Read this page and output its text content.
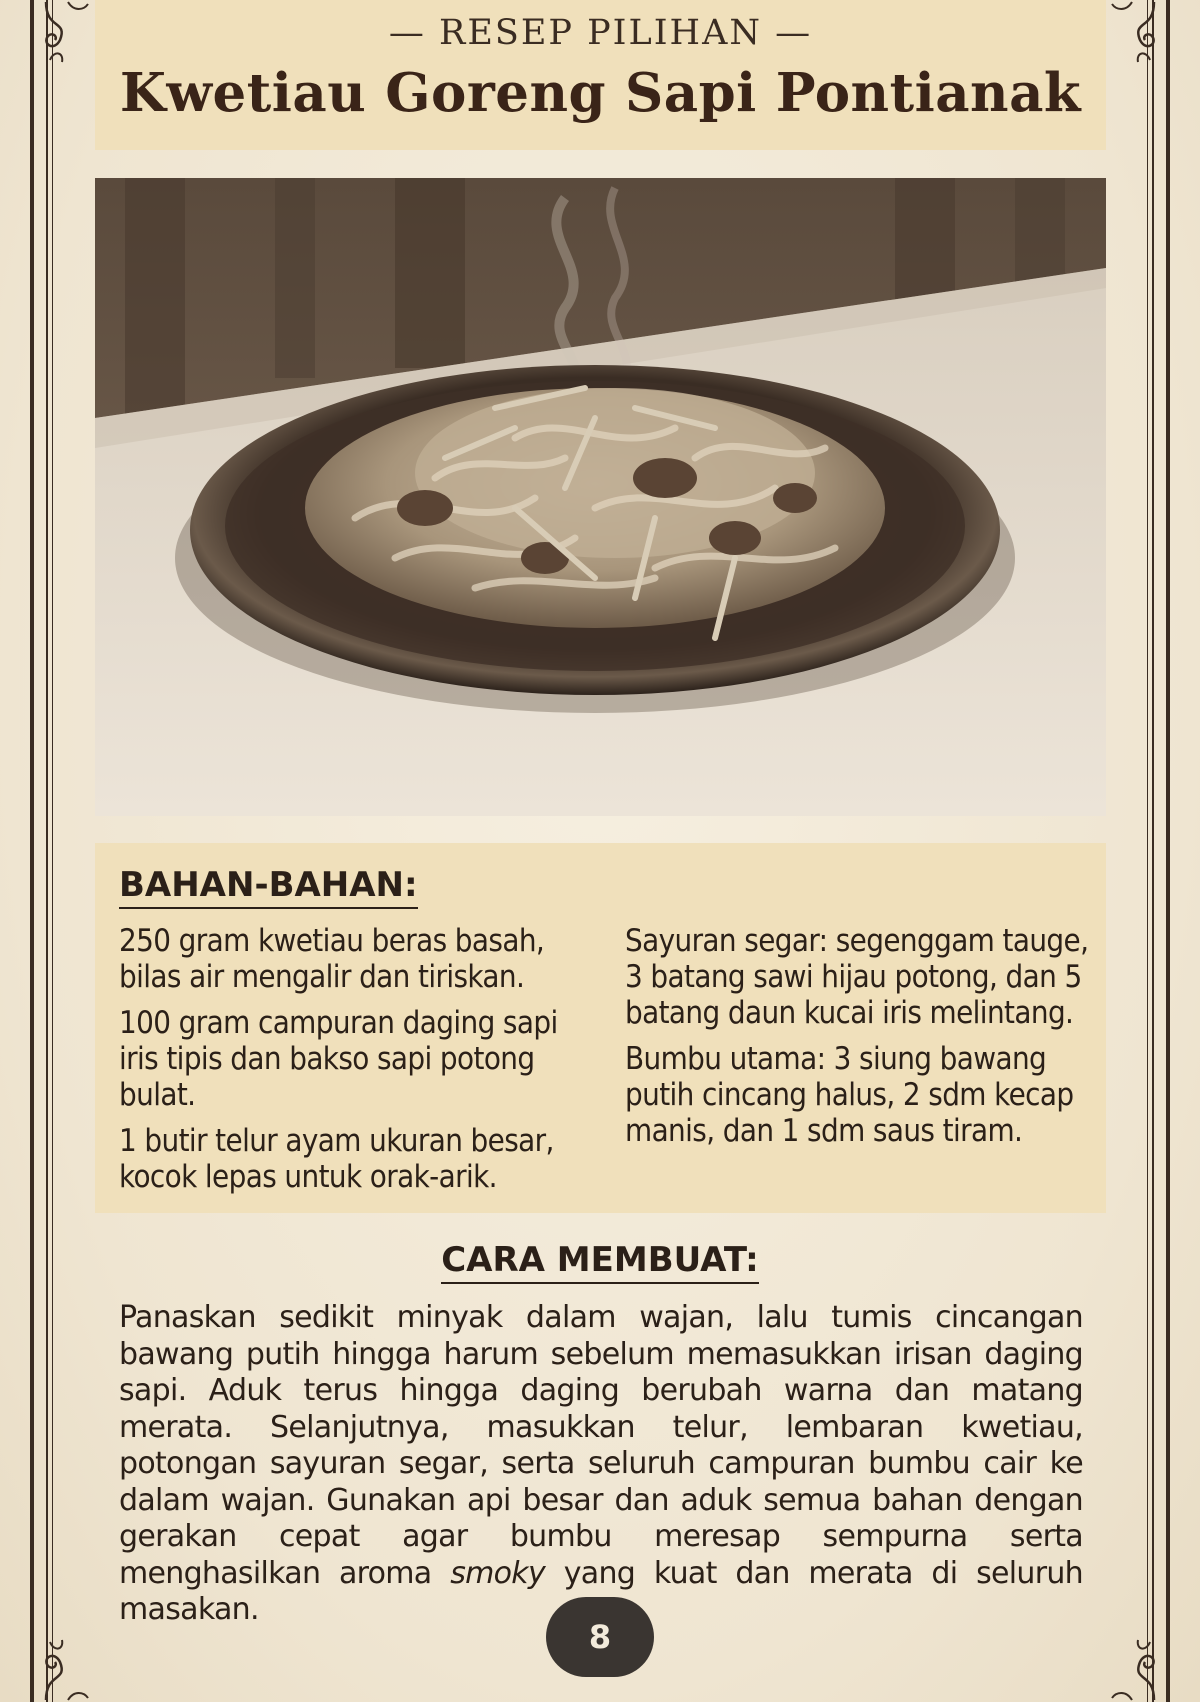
— RESEP PILIHAN —
Kwetiau Goreng Sapi Pontianak
BAHAN-BAHAN:
250 gram kwetiau beras basah, bilas air mengalir dan tiriskan.
100 gram campuran daging sapi iris tipis dan bakso sapi potong bulat.
1 butir telur ayam ukuran besar, kocok lepas untuk orak-arik.
Sayuran segar: segenggam tauge, 3 batang sawi hijau potong, dan 5 batang daun kucai iris melintang.
Bumbu utama: 3 siung bawang putih cincang halus, 2 sdm kecap manis, dan 1 sdm saus tiram.
CARA MEMBUAT:
Panaskan sedikit minyak dalam wajan, lalu tumis cincangan bawang putih hingga harum sebelum memasukkan irisan daging sapi. Aduk terus hingga daging berubah warna dan matang merata. Selanjutnya, masukkan telur, lembaran kwetiau, potongan sayuran segar, serta seluruh campuran bumbu cair ke dalam wajan. Gunakan api besar dan aduk semua bahan dengan gerakan cepat agar bumbu meresap sempurna serta menghasilkan aroma smoky yang kuat dan merata di seluruh masakan.
8
